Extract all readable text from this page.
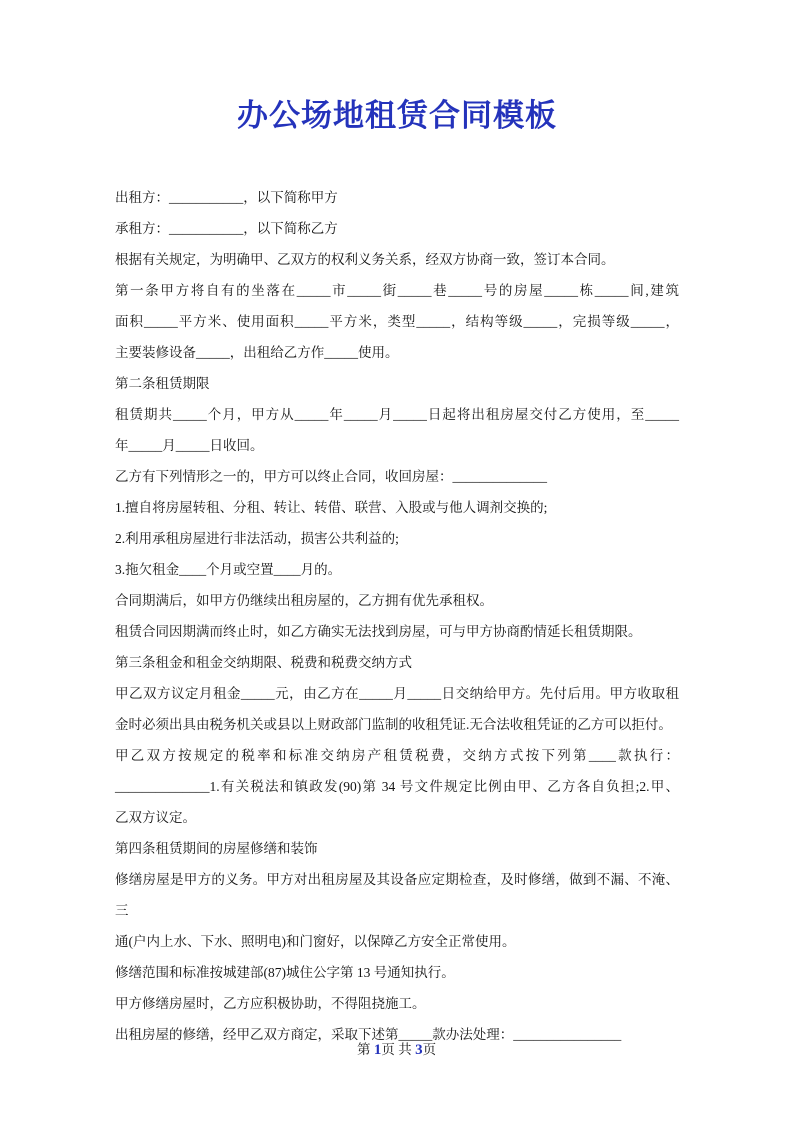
办公场地租赁合同模板
出租方：___________，以下简称甲方
承租方：___________，以下简称乙方
根据有关规定，为明确甲、乙双方的权利义务关系，经双方协商一致，签订本合同。
第一条甲方将自有的坐落在_____市_____街_____巷_____号的房屋_____栋_____间,建筑
面积_____平方米、使用面积_____平方米，类型_____，结构等级_____，完损等级_____，
主要装修设备_____，出租给乙方作_____使用。
第二条租赁期限
租赁期共_____个月，甲方从_____年_____月_____日起将出租房屋交付乙方使用，至_____
年_____月_____日收回。
乙方有下列情形之一的，甲方可以终止合同，收回房屋：______________
1.擅自将房屋转租、分租、转让、转借、联营、入股或与他人调剂交换的;
2.利用承租房屋进行非法活动，损害公共利益的;
3.拖欠租金____个月或空置____月的。
合同期满后，如甲方仍继续出租房屋的，乙方拥有优先承租权。
租赁合同因期满而终止时，如乙方确实无法找到房屋，可与甲方协商酌情延长租赁期限。
第三条租金和租金交纳期限、税费和税费交纳方式
甲乙双方议定月租金_____元，由乙方在_____月_____日交纳给甲方。先付后用。甲方收取租
金时必须出具由税务机关或县以上财政部门监制的收租凭证.无合法收租凭证的乙方可以拒付。
甲乙双方按规定的税率和标准交纳房产租赁税费，交纳方式按下列第____款执行：
______________1.有关税法和镇政发(90)第 34 号文件规定比例由甲、乙方各自负担;2.甲、
乙双方议定。
第四条租赁期间的房屋修缮和装饰
修缮房屋是甲方的义务。甲方对出租房屋及其设备应定期检查，及时修缮，做到不漏、不淹、三
通(户内上水、下水、照明电)和门窗好，以保障乙方安全正常使用。
修缮范围和标准按城建部(87)城住公字第 13 号通知执行。
甲方修缮房屋时，乙方应积极协助，不得阻挠施工。
出租房屋的修缮，经甲乙双方商定，采取下述第_____款办法处理：________________
第 1页 共 3页
